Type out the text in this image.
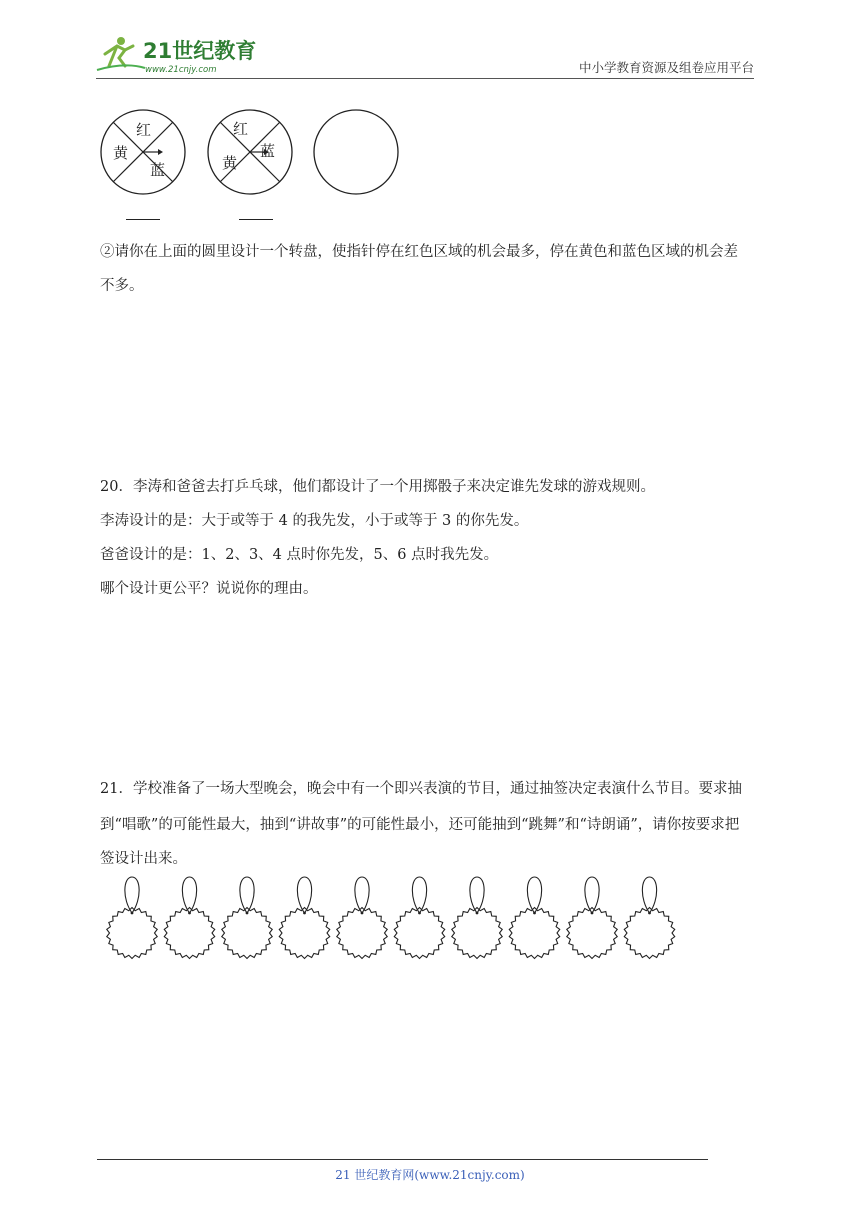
21世纪教育
www.21cnjy.com	中小学教育资源及组卷应用平台
红
黄
蓝
红
黄
蓝
②请你在上面的圆里设计一个转盘，使指针停在红色区域的机会最多，停在黄色和蓝色区域的机会差
不多。
20．李涛和爸爸去打乒乓球，他们都设计了一个用掷骰子来决定谁先发球的游戏规则。
李涛设计的是：大于或等于 4 的我先发，小于或等于 3 的你先发。
爸爸设计的是：1、2、3、4 点时你先发，5、6 点时我先发。
哪个设计更公平？说说你的理由。
21．学校准备了一场大型晚会，晚会中有一个即兴表演的节目，通过抽签决定表演什么节目。要求抽
到“唱歌”的可能性最大，抽到“讲故事”的可能性最小，还可能抽到“跳舞”和“诗朗诵”，请你按要求把
签设计出来。
21 世纪教育网(www.21cnjy.com)
